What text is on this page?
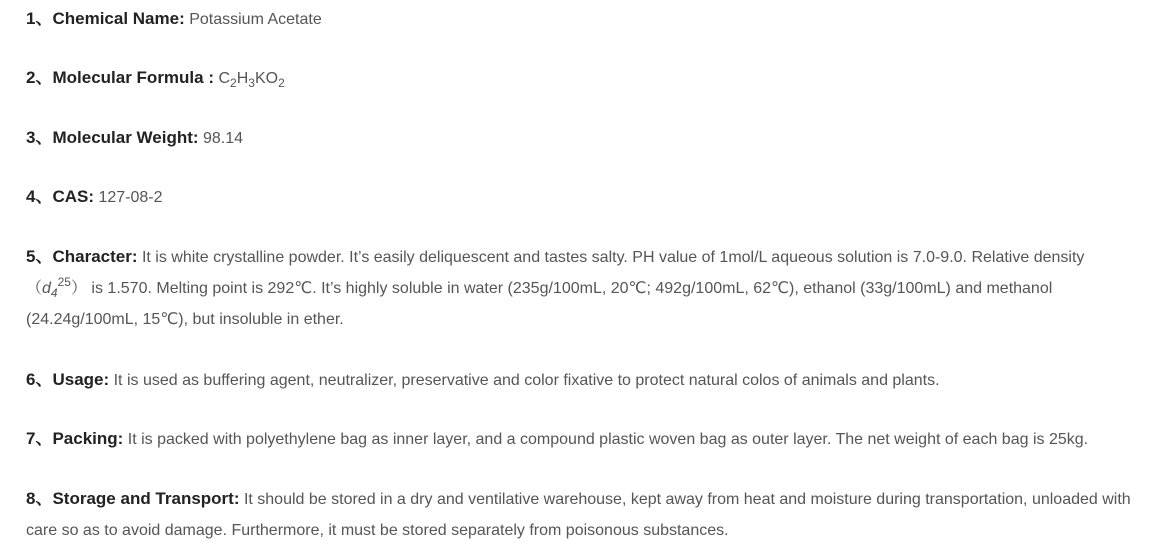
1、Chemical Name: Potassium Acetate
2、Molecular Formula : $C_2H_3KO_2$
3、Molecular Weight: 98.14
4、CAS: 127-08-2
5、Character: It is white crystalline powder. It’s easily deliquescent and tastes salty. PH value of 1mol/L aqueous solution is 7.0-9.0. Relative density
$(d_4^{25})$ is 1.570. Melting point is 292℃. It’s highly soluble in water (235g/100mL, 20℃; 492g/100mL, 62℃), ethanol (33g/100mL) and methanol
(24.24g/100mL, 15℃), but insoluble in ether.
6、Usage: It is used as buffering agent, neutralizer, preservative and color fixative to protect natural colos of animals and plants.
7、Packing: It is packed with polyethylene bag as inner layer, and a compound plastic woven bag as outer layer. The net weight of each bag is 25kg.
8、Storage and Transport: It should be stored in a dry and ventilative warehouse, kept away from heat and moisture during transportation, unloaded with
care so as to avoid damage. Furthermore, it must be stored separately from poisonous substances.
